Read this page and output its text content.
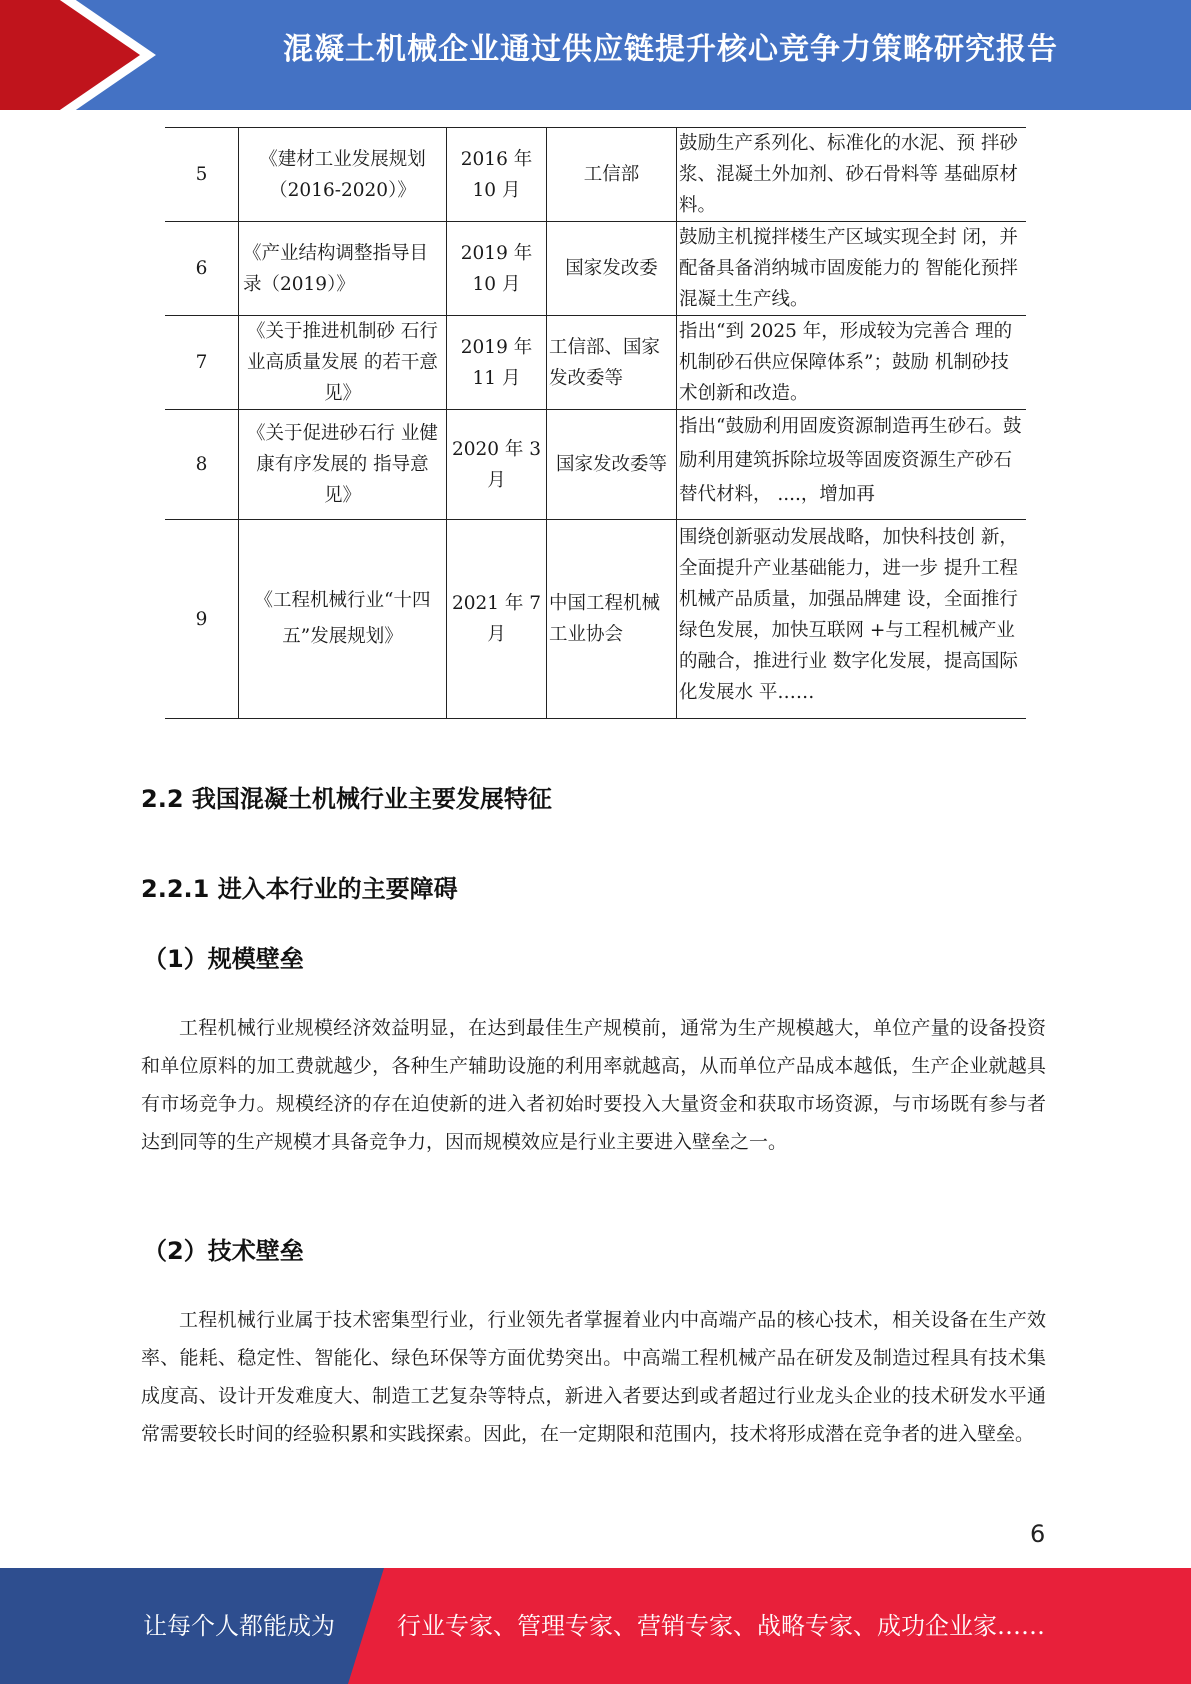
混凝土机械企业通过供应链提升核心竞争力策略研究报告
5	《建材工业发展规划（2016-2020）》	2016 年 10 月	工信部	鼓励生产系列化、标准化的水泥、预 拌砂浆、混凝土外加剂、砂石骨料等 基础原材料。
6	《产业结构调整指导目录（2019）》	2019 年 10 月	国家发改委	鼓励主机搅拌楼生产区域实现全封 闭，并配备具备消纳城市固废能力的 智能化预拌混凝土生产线。
7	《关于推进机制砂 石行业高质量发展 的若干意见》	2019 年 11 月	工信部、国家发改委等	指出“到 2025 年，形成较为完善合 理的机制砂石供应保障体系”；鼓励 机制砂技术创新和改造。
8	《关于促进砂石行 业健康有序发展的 指导意见》	2020 年 3 月	国家发改委等	指出“鼓励利用固废资源制造再生砂石。鼓励利用建筑拆除垃圾等固废资源生产砂石替代材料， ....，增加再
9	《工程机械行业“十四五”发展规划》	2021 年 7 月	中国工程机械工业协会	围绕创新驱动发展战略，加快科技创 新，全面提升产业基础能力，进一步 提升工程机械产品质量，加强品牌建 设，全面推行绿色发展，加快互联网 +与工程机械产业的融合，推进行业 数字化发展，提高国际化发展水 平……
2.2 我国混凝土机械行业主要发展特征
2.2.1 进入本行业的主要障碍
（1）规模壁垒

工程机械行业规模经济效益明显，在达到最佳生产规模前，通常为生产规模越大，单位产量的设备投资和单位原料的加工费就越少，各种生产辅助设施的利用率就越高，从而单位产品成本越低，生产企业就越具有市场竞争力。规模经济的存在迫使新的进入者初始时要投入大量资金和获取市场资源，与市场既有参与者达到同等的生产规模才具备竞争力，因而规模效应是行业主要进入壁垒之一。

（2）技术壁垒

工程机械行业属于技术密集型行业，行业领先者掌握着业内中高端产品的核心技术，相关设备在生产效率、能耗、稳定性、智能化、绿色环保等方面优势突出。中高端工程机械产品在研发及制造过程具有技术集成度高、设计开发难度大、制造工艺复杂等特点，新进入者要达到或者超过行业龙头企业的技术研发水平通常需要较长时间的经验积累和实践探索。因此，在一定期限和范围内，技术将形成潜在竞争者的进入壁垒。

6
让每个人都能成为	行业专家、管理专家、营销专家、战略专家、成功企业家……
